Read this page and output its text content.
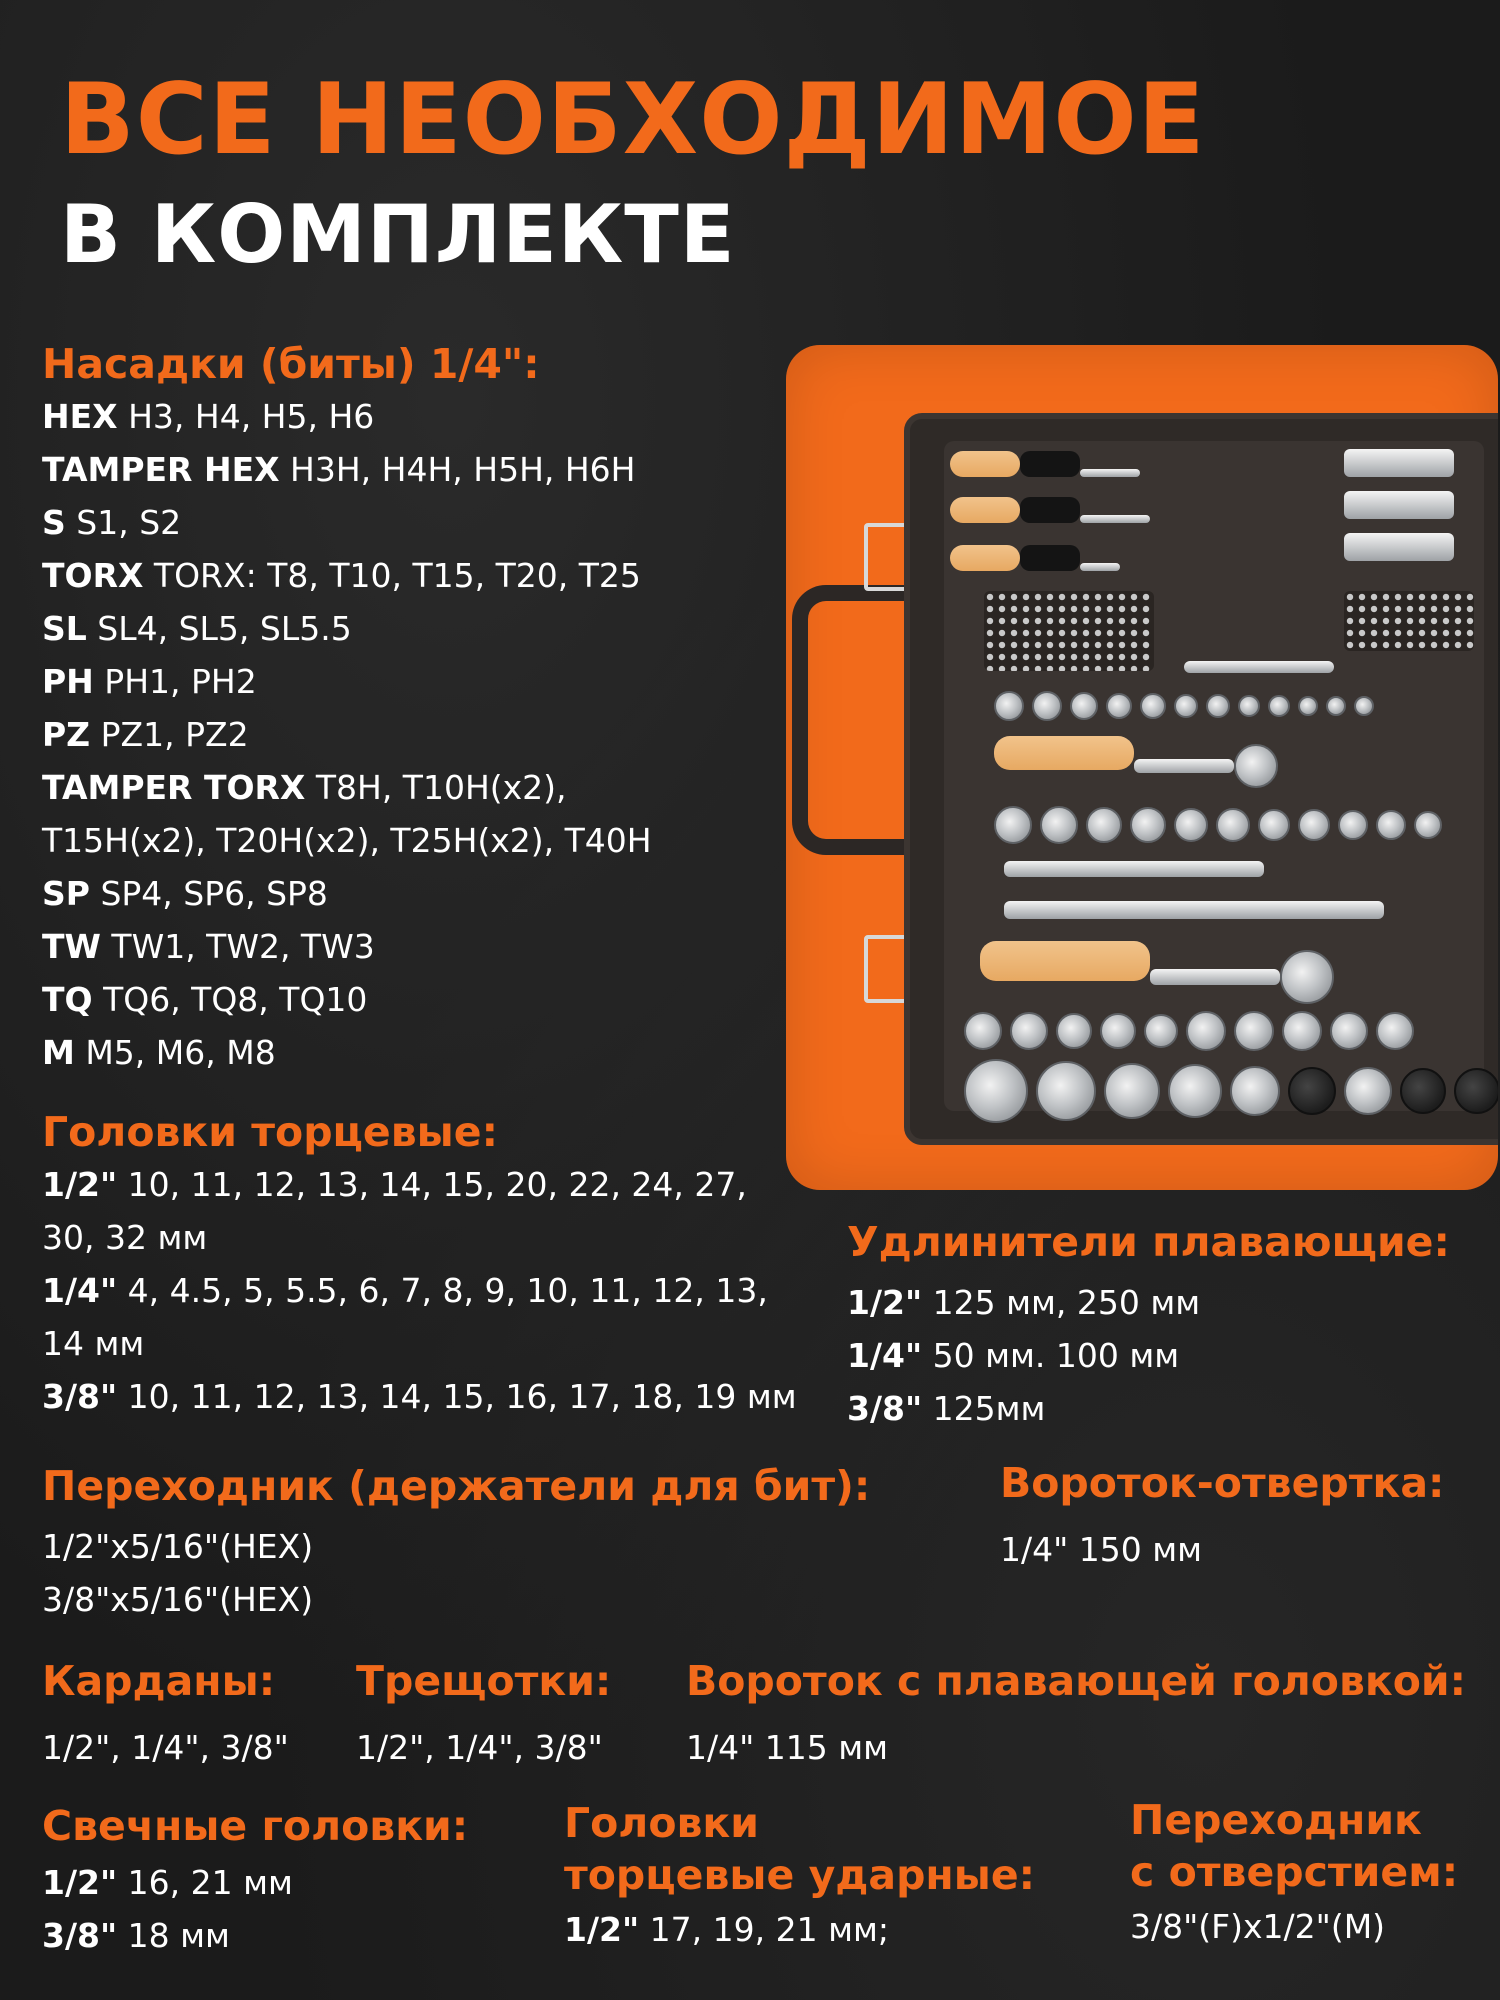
ВСЕ НЕОБХОДИМОЕ
В КОМПЛЕКТЕ
Насадки (биты) 1/4":
HEX H3, H4, H5, H6
TAMPER HEX H3H, H4H, H5H, H6H
S S1, S2
TORX TORX: T8, T10, T15, T20, T25
SL SL4, SL5, SL5.5
PH PH1, PH2
PZ PZ1, PZ2
TAMPER TORX T8H, T10H(x2),
T15H(x2), T20H(x2), T25H(x2), T40H
SP SP4, SP6, SP8
TW TW1, TW2, TW3
TQ TQ6, TQ8, TQ10
M M5, M6, M8
Головки торцевые:
1/2" 10, 11, 12, 13, 14, 15, 20, 22, 24, 27,
30, 32 мм
1/4" 4, 4.5, 5, 5.5, 6, 7, 8, 9, 10, 11, 12, 13,
14 мм
3/8" 10, 11, 12, 13, 14, 15, 16, 17, 18, 19 мм
Удлинители плавающие:
1/2" 125 мм, 250 мм
1/4" 50 мм. 100 мм
3/8" 125мм
Переходник (держатели для бит):
1/2"x5/16"(HEX)
3/8"x5/16"(HEX)
Вороток-отвертка:
1/4" 150 мм
Карданы:
1/2", 1/4", 3/8"
Трещотки:
1/2", 1/4", 3/8"
Вороток с плавающей головкой:
1/4" 115 мм
Свечные головки:
1/2" 16, 21 мм
3/8" 18 мм
Головки
торцевые ударные:
1/2" 17, 19, 21 мм;
Переходник
с отверстием:
3/8"(F)x1/2"(M)
